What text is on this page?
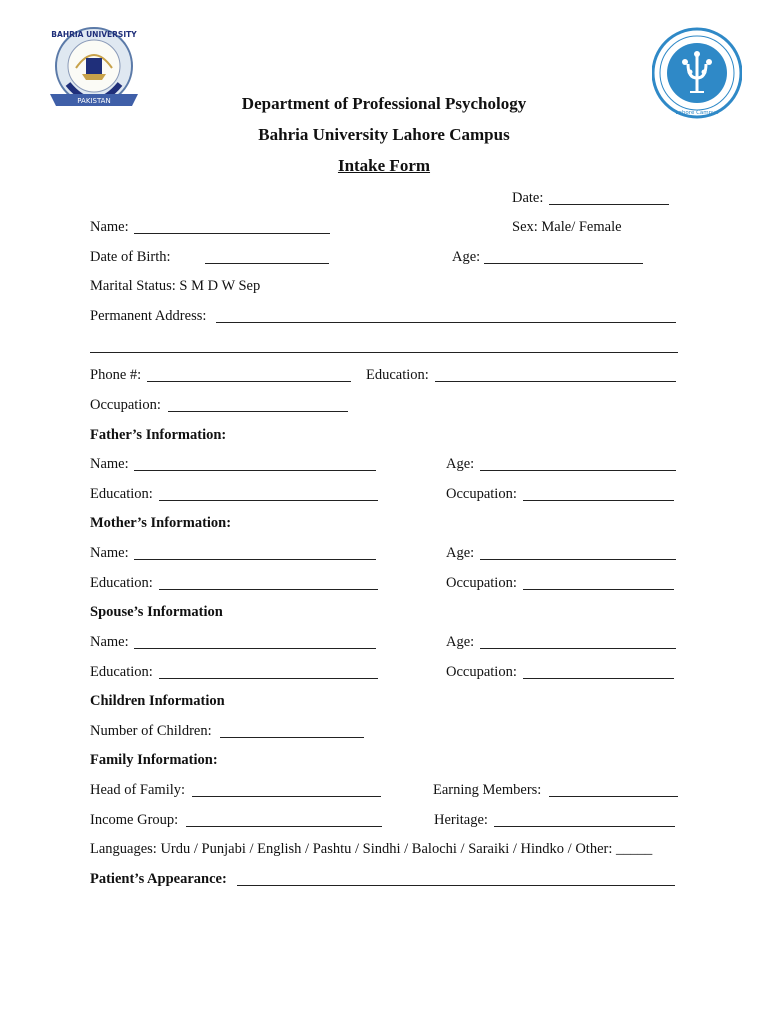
PAKISTAN
BAHRIA UNIVERSITY
Lahore Campus
Department of Professional Psychology
Bahria University Lahore Campus
Intake Form
Date:
Name:	Sex: Male/ Female
Date of Birth:	Age:
Marital Status: S M D W Sep
Permanent Address:
Phone #:	Education:
Occupation:
Father’s Information:
Name:	Age:
Education:	Occupation:
Mother’s Information:
Name:	Age:
Education:	Occupation:
Spouse’s Information
Name:	Age:
Education:	Occupation:
Children Information
Number of Children:
Family Information:
Head of Family:	Earning Members:
Income Group:	Heritage:
Languages: Urdu / Punjabi / English / Pashtu / Sindhi / Balochi / Saraiki / Hindko / Other: _____
Patient’s Appearance:
